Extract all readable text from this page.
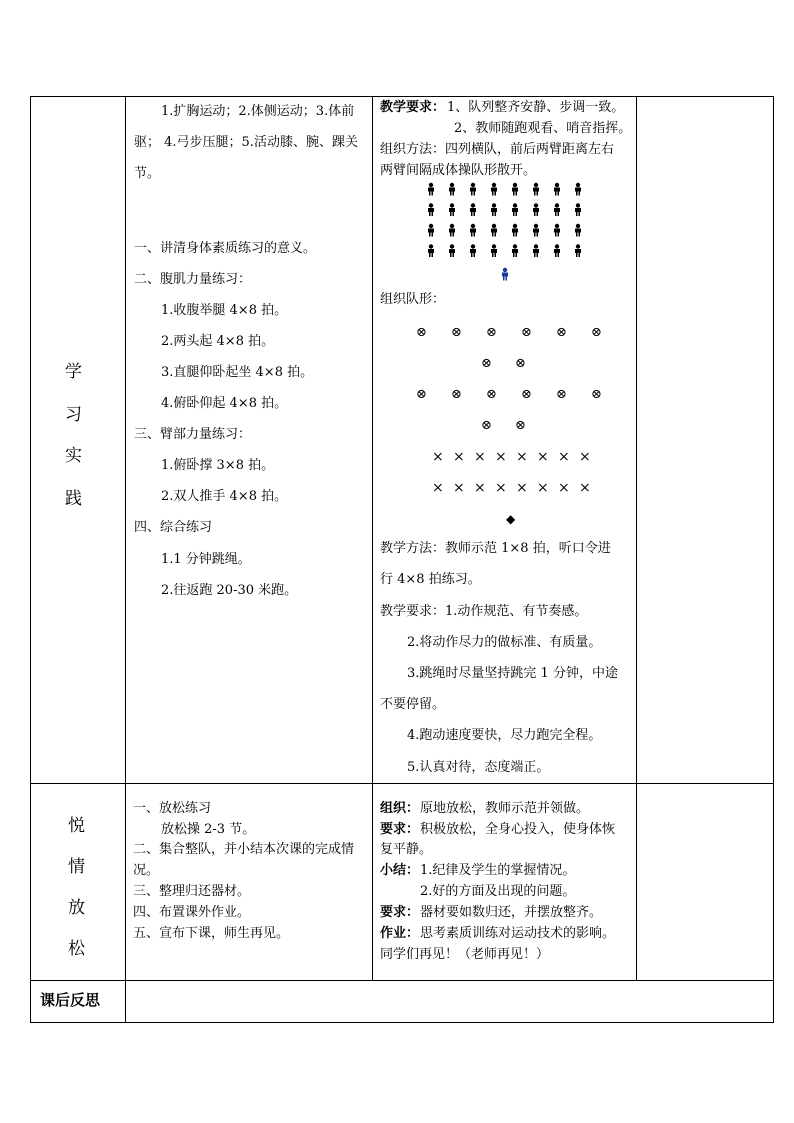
学
习
实
践
1.扩胸运动；2.体侧运动；3.体前
驱； 4.弓步压腿；5.活动膝、腕、踝关
节。
一、讲清身体素质练习的意义。
二、腹肌力量练习：
1.收腹举腿 4×8 拍。
2.两头起 4×8 拍。
3.直腿仰卧起坐 4×8 拍。
4.俯卧仰起 4×8 拍。
三、臂部力量练习：
1.俯卧撑 3×8 拍。
2.双人推手 4×8 拍。
四、综合练习
1.1 分钟跳绳。
2.往返跑 20-30 米跑。
教学要求： 1、队列整齐安静、步调一致。
2、教师随跑观看、哨音指挥。
组织方法：四列横队，前后两臂距离左右
两臂间隔成体操队形散开。
组织队形：
⊗ ⊗ ⊗ ⊗ ⊗ ⊗
⊗ ⊗ ⊗ ⊗ ⊗ ⊗
⊗ ⊗
⊗ ⊗
× × × × × × × ×
× × × × × × × ×
◆
教学方法：教师示范 1×8 拍，听口令进
行 4×8 拍练习。
教学要求：1.动作规范、有节奏感。
2.将动作尽力的做标准、有质量。
3.跳绳时尽量坚持跳完 1 分钟，中途
不要停留。
4.跑动速度要快，尽力跑完全程。
5.认真对待，态度端正。
悦
情
放
松
一、放松练习
放松操 2-3 节。
二、集合整队，并小结本次课的完成情
况。
三、整理归还器材。
四、布置课外作业。
五、宣布下课，师生再见。
组织： 原地放松，教师示范并领做。
要求： 积极放松，全身心投入，使身体恢
复平静。
小结： 1.纪律及学生的掌握情况。
2.好的方面及出现的问题。
要求： 器材要如数归还，并摆放整齐。
作业： 思考素质训练对运动技术的影响。
同学们再见！（老师再见！）
课后反思
